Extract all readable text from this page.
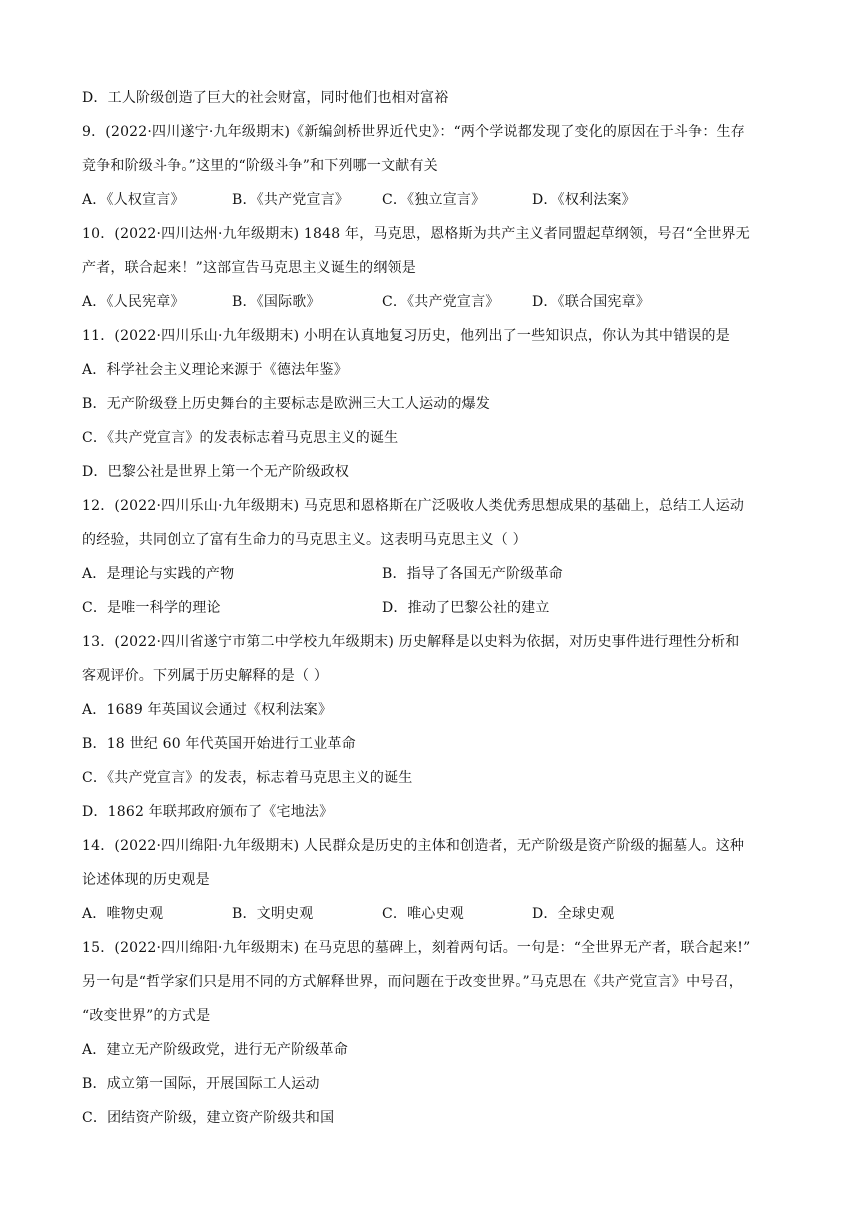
D．工人阶级创造了巨大的社会财富，同时他们也相对富裕
9．(2022·四川遂宁·九年级期末)《新编剑桥世界近代史》：“两个学说都发现了变化的原因在于斗争：生存
竞争和阶级斗争。”这里的“阶级斗争”和下列哪一文献有关
A．《人权宣言》	B．《共产党宣言》 C．《独立宣言》	D．《权利法案》
10．(2022·四川达州·九年级期末) 1848 年，马克思，恩格斯为共产主义者同盟起草纲领，号召“全世界无
产者，联合起来！”这部宣告马克思主义诞生的纲领是
A．《人民宪章》	B．《国际歌》	C．《共产党宣言》 D．《联合国宪章》
11．(2022·四川乐山·九年级期末) 小明在认真地复习历史，他列出了一些知识点，你认为其中错误的是
A．科学社会主义理论来源于《德法年鉴》
B．无产阶级登上历史舞台的主要标志是欧洲三大工人运动的爆发
C．《共产党宣言》的发表标志着马克思主义的诞生
D．巴黎公社是世界上第一个无产阶级政权
12．(2022·四川乐山·九年级期末) 马克思和恩格斯在广泛吸收人类优秀思想成果的基础上，总结工人运动
的经验，共同创立了富有生命力的马克思主义。这表明马克思主义（ ）
A．是理论与实践的产物	B．指导了各国无产阶级革命
C．是唯一科学的理论	D．推动了巴黎公社的建立
13．(2022·四川省遂宁市第二中学校九年级期末) 历史解释是以史料为依据，对历史事件进行理性分析和
客观评价。下列属于历史解释的是（ ）
A．1689 年英国议会通过《权利法案》
B．18 世纪 60 年代英国开始进行工业革命
C．《共产党宣言》的发表，标志着马克思主义的诞生
D．1862 年联邦政府颁布了《宅地法》
14．(2022·四川绵阳·九年级期末) 人民群众是历史的主体和创造者，无产阶级是资产阶级的掘墓人。这种
论述体现的历史观是
A．唯物史观	B．文明史观	C．唯心史观	D．全球史观
15．(2022·四川绵阳·九年级期末) 在马克思的墓碑上，刻着两句话。一句是：“全世界无产者，联合起来!”
另一句是“哲学家们只是用不同的方式解释世界，而问题在于改变世界。”马克思在《共产党宣言》中号召，
“改变世界”的方式是
A．建立无产阶级政党，进行无产阶级革命
B．成立第一国际，开展国际工人运动
C．团结资产阶级，建立资产阶级共和国
